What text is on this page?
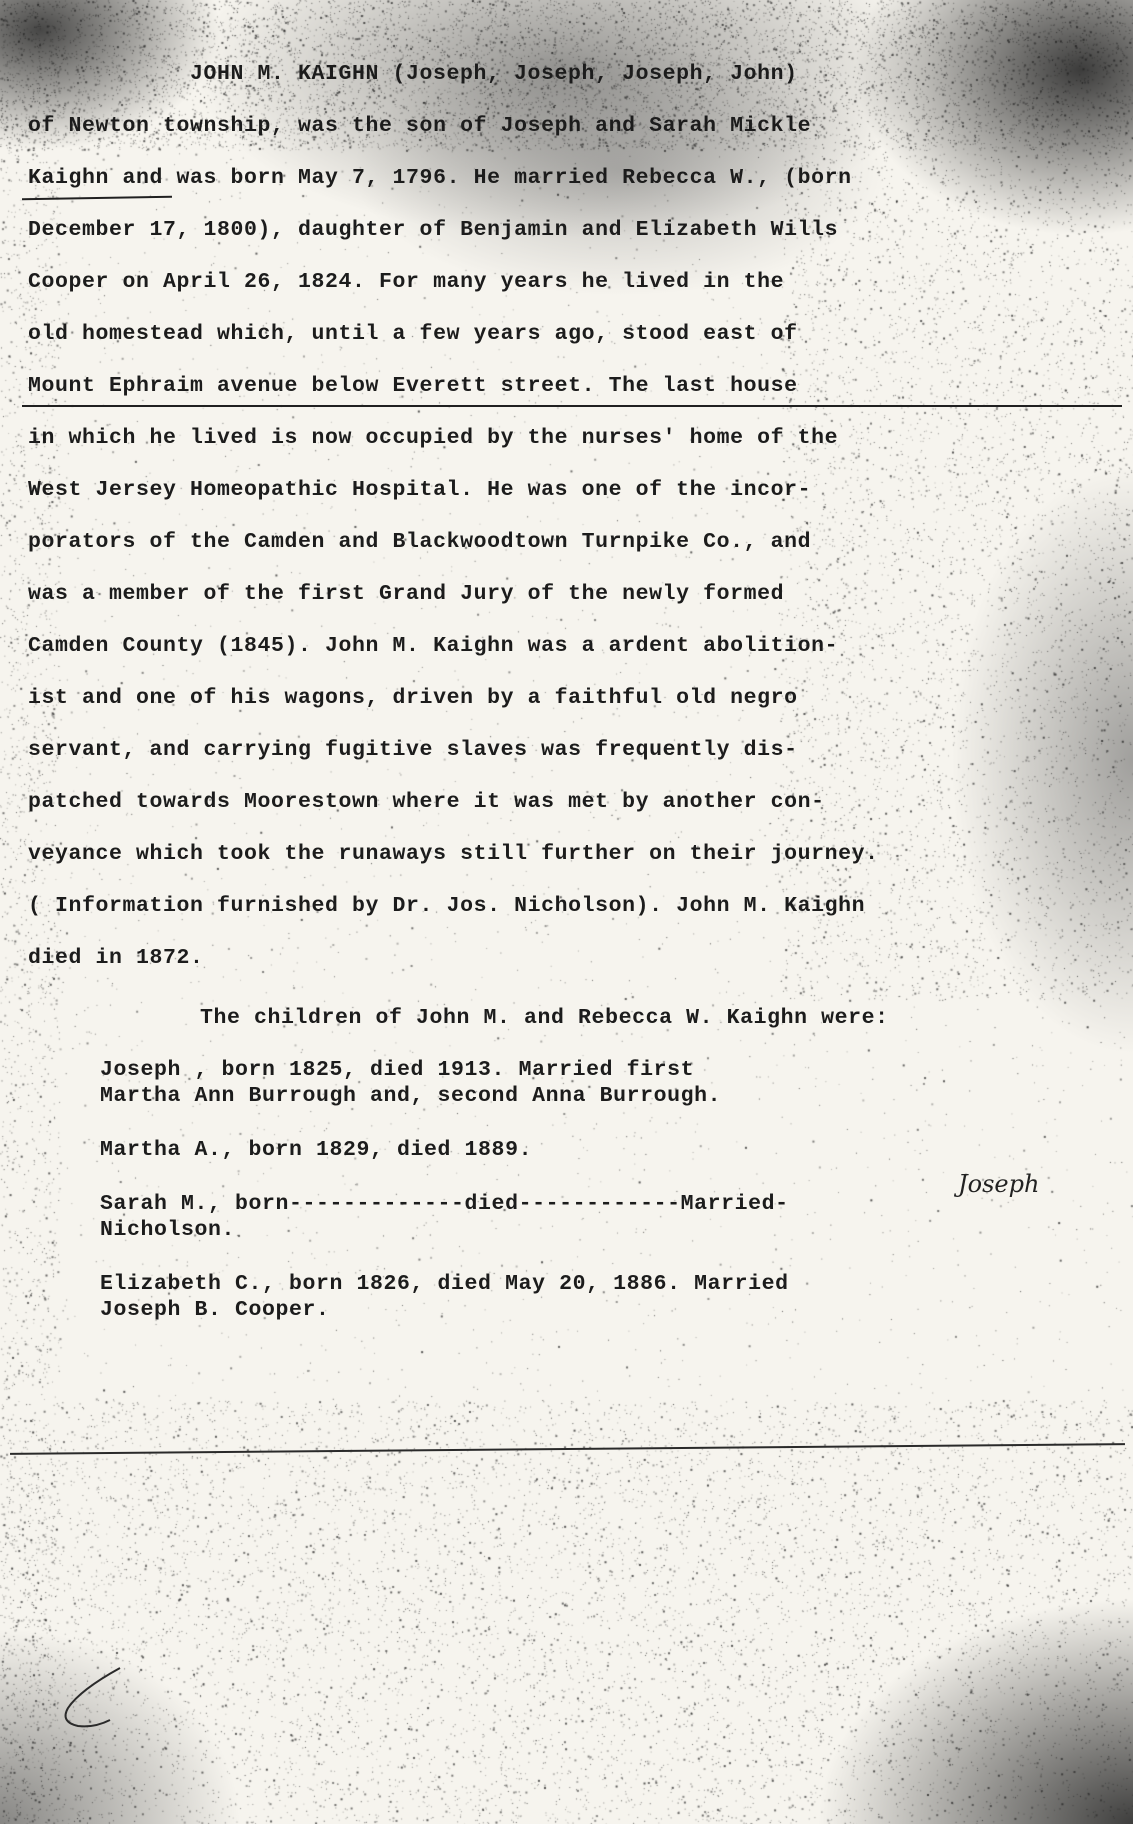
JOHN M. KAIGHN (Joseph, Joseph, Joseph, John)

of Newton township, was the son of Joseph and Sarah Mickle

Kaighn and was born May 7, 1796. He married Rebecca W., (born

December 17, 1800), daughter of Benjamin and Elizabeth Wills

Cooper on April 26, 1824. For many years he lived in the

old homestead which, until a few years ago, stood east of

Mount Ephraim avenue below Everett street. The last house

in which he lived is now occupied by the nurses' home of the

West Jersey Homeopathic Hospital. He was one of the incor-

porators of the Camden and Blackwoodtown Turnpike Co., and

was a member of the first Grand Jury of the newly formed

Camden County (1845). John M. Kaighn was a ardent abolition-

ist and one of his wagons, driven by a faithful old negro

servant, and carrying fugitive slaves was frequently dis-

patched towards Moorestown where it was met by another con-

veyance which took the runaways still further on their journey.

( Information furnished by Dr. Jos. Nicholson). John M. Kaighn

died in 1872.

The children of John M. and Rebecca W. Kaighn were:

Joseph , born 1825, died 1913. Married first

Martha Ann Burrough and, second Anna Burrough.

Martha A., born 1829, died 1889.

Sarah M., born-------------died------------Married-

Nicholson.

Joseph

Elizabeth C., born 1826, died May 20, 1886. Married

Joseph B. Cooper.
